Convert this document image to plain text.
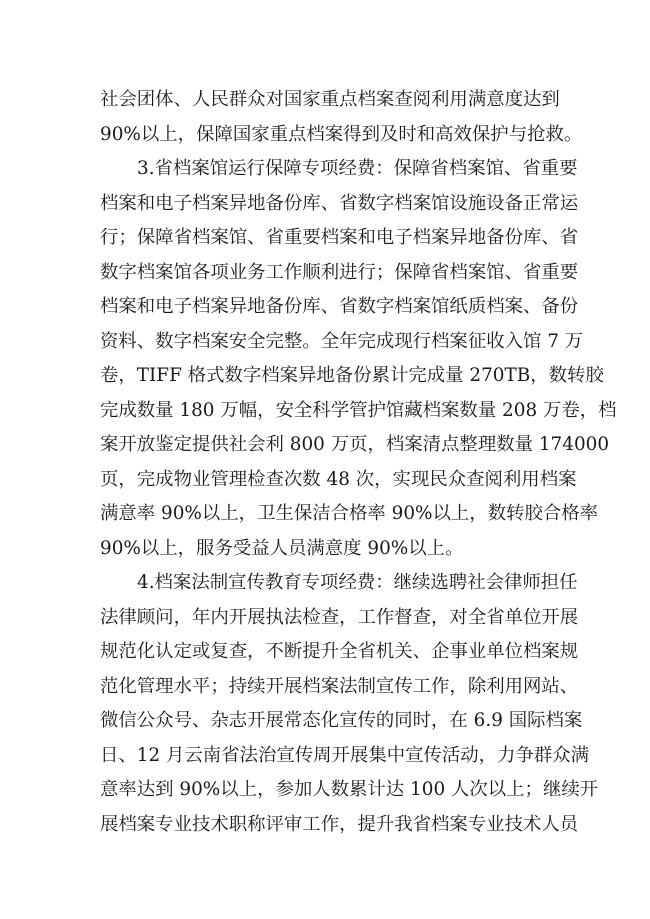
社会团体、人民群众对国家重点档案查阅利用满意度达到
90%以上，保障国家重点档案得到及时和高效保护与抢救。
3.省档案馆运行保障专项经费：保障省档案馆、省重要
档案和电子档案异地备份库、省数字档案馆设施设备正常运
行；保障省档案馆、省重要档案和电子档案异地备份库、省
数字档案馆各项业务工作顺利进行；保障省档案馆、省重要
档案和电子档案异地备份库、省数字档案馆纸质档案、备份
资料、数字档案安全完整。全年完成现行档案征收入馆 7 万
卷，TIFF 格式数字档案异地备份累计完成量 270TB，数转胶
完成数量 180 万幅，安全科学管护馆藏档案数量 208 万卷，档
案开放鉴定提供社会利 800 万页，档案清点整理数量 174000
页，完成物业管理检查次数 48 次，实现民众查阅利用档案
满意率 90%以上，卫生保洁合格率 90%以上，数转胶合格率
90%以上，服务受益人员满意度 90%以上。
4.档案法制宣传教育专项经费：继续选聘社会律师担任
法律顾问，年内开展执法检查，工作督查，对全省单位开展
规范化认定或复查，不断提升全省机关、企事业单位档案规
范化管理水平；持续开展档案法制宣传工作，除利用网站、
微信公众号、杂志开展常态化宣传的同时，在 6.9 国际档案
日、12 月云南省法治宣传周开展集中宣传活动，力争群众满
意率达到 90%以上，参加人数累计达 100 人次以上；继续开
展档案专业技术职称评审工作，提升我省档案专业技术人员
